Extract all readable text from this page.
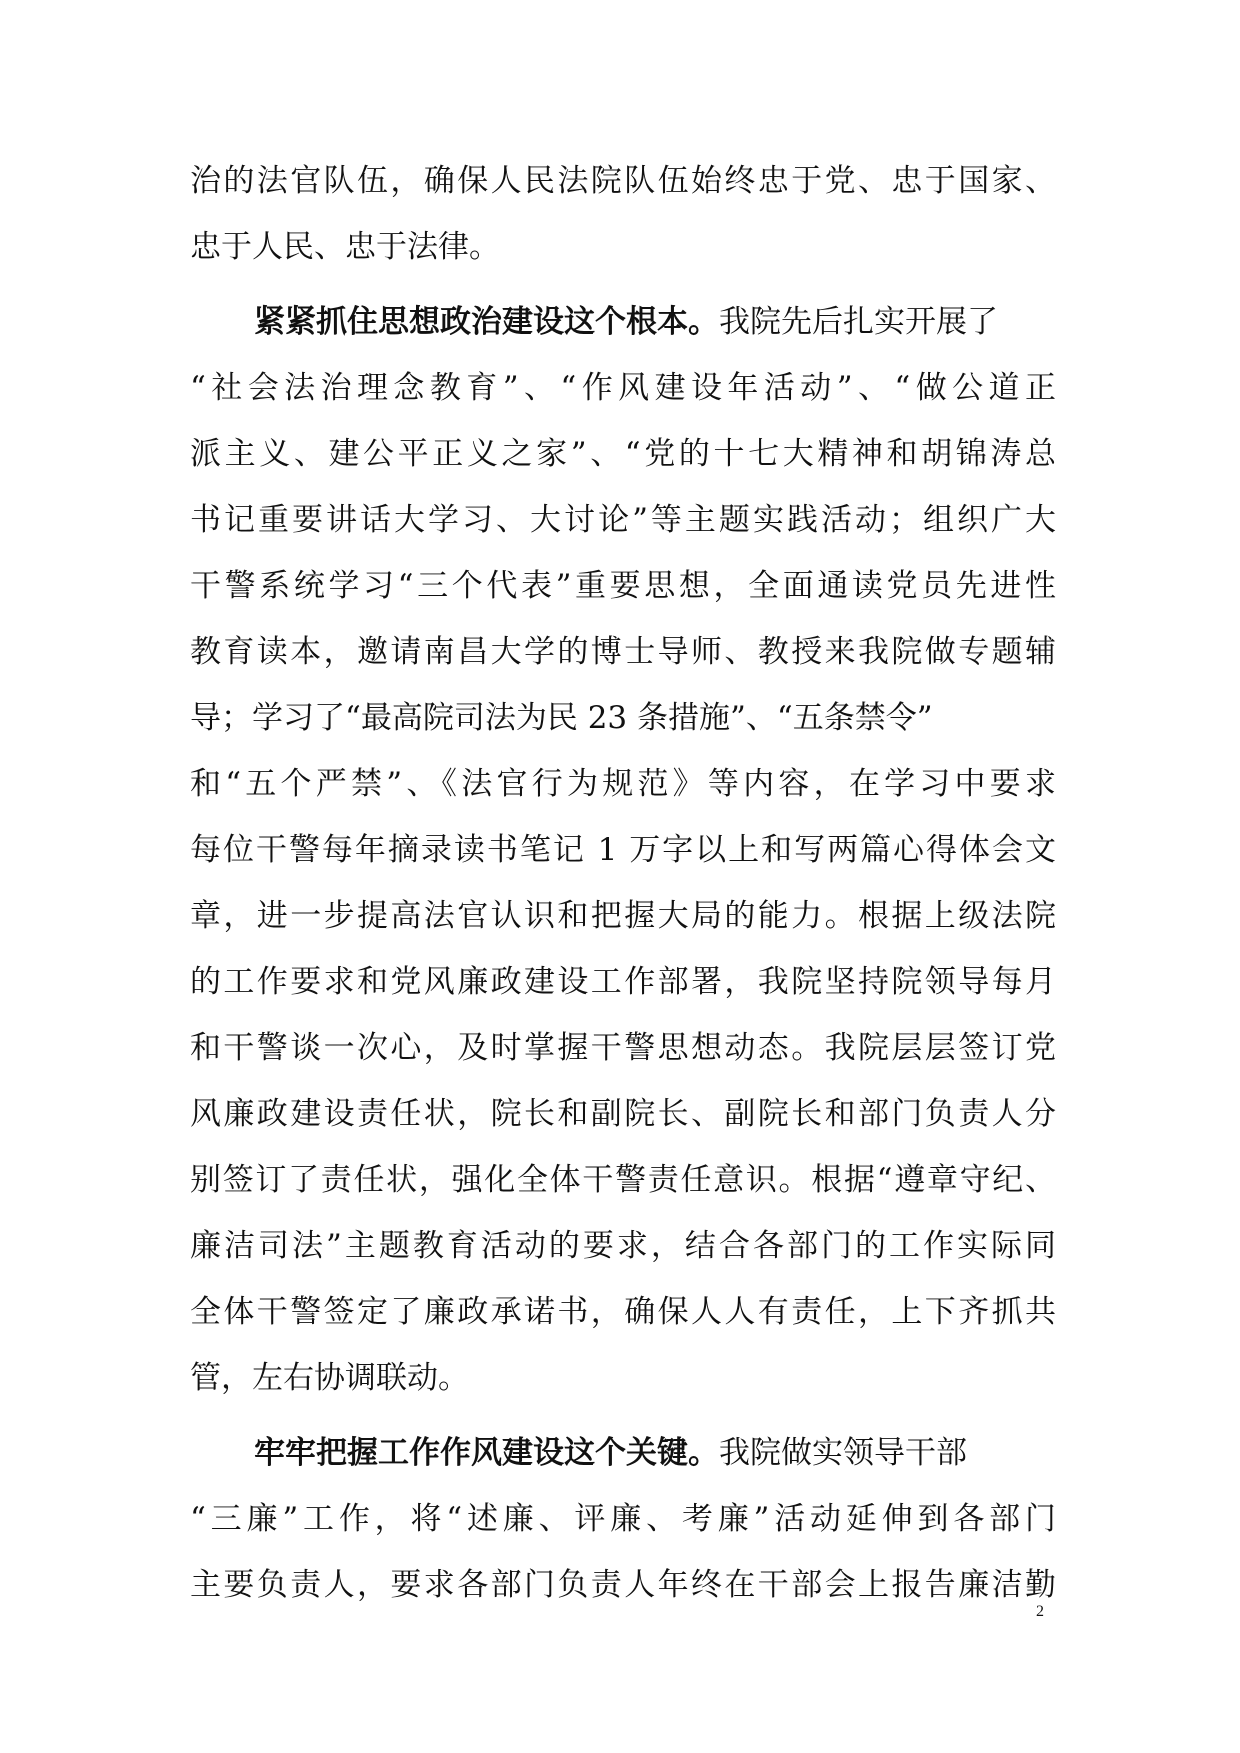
治的法官队伍，确保人民法院队伍始终忠于党、忠于国家、

忠于人民、忠于法律。

紧紧抓住思想政治建设这个根本。我院先后扎实开展了

“社会法治理念教育”、“作风建设年活动”、“做公道正

派主义、建公平正义之家”、“党的十七大精神和胡锦涛总

书记重要讲话大学习、大讨论”等主题实践活动；组织广大

干警系统学习“三个代表”重要思想，全面通读党员先进性

教育读本，邀请南昌大学的博士导师、教授来我院做专题辅

导；学习了“最高院司法为民 23 条措施”、“五条禁令”

和“五个严禁”、《法官行为规范》等内容，在学习中要求

每位干警每年摘录读书笔记 1 万字以上和写两篇心得体会文

章，进一步提高法官认识和把握大局的能力。根据上级法院

的工作要求和党风廉政建设工作部署，我院坚持院领导每月

和干警谈一次心，及时掌握干警思想动态。我院层层签订党

风廉政建设责任状，院长和副院长、副院长和部门负责人分

别签订了责任状，强化全体干警责任意识。根据“遵章守纪、

廉洁司法”主题教育活动的要求，结合各部门的工作实际同

全体干警签定了廉政承诺书，确保人人有责任，上下齐抓共

管，左右协调联动。

牢牢把握工作作风建设这个关键。我院做实领导干部

“三廉”工作，将“述廉、评廉、考廉”活动延伸到各部门

主要负责人，要求各部门负责人年终在干部会上报告廉洁勤

2
